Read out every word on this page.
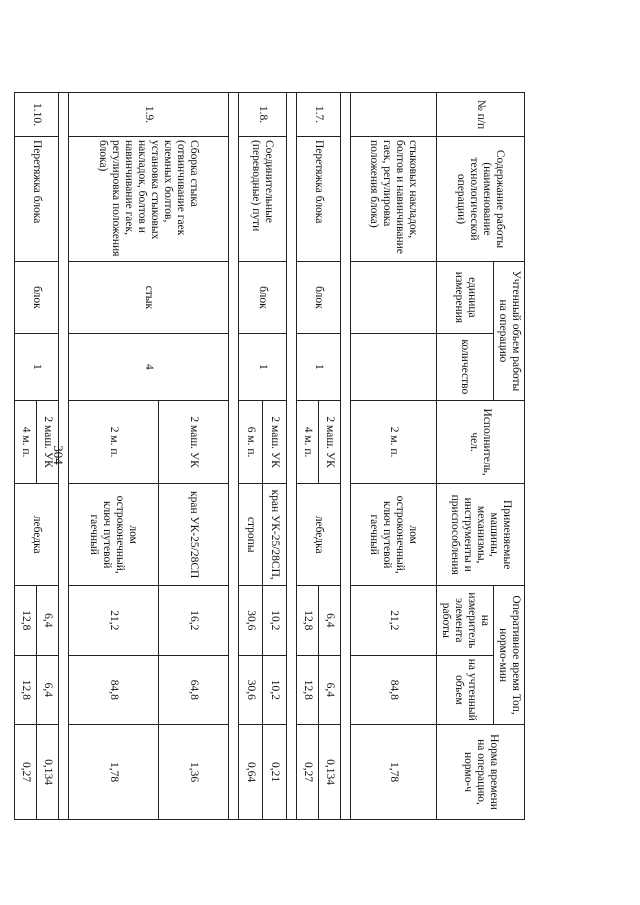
304
№ п/п	Содержание работы (наименование технологической операции)	Учтенный объем работы на операцию		Исполнитель, чел.	Применяемые машины, механизмы, инструменты и приспособления	Оперативное время Топ, нормо-мин		Норма времени на операцию, нормо-ч
		единица измерения	количество			на измеритель элемента работы	на учтенный объем	
	стыковых накладок, болтов и навинчивание гаек, регулировка положения блока)			2 м. п.	лом остроконечный, ключ путевой гаечный	21,2	84,8	1,78

1.7.	Перетяжка блока	блок	1	2 маш. УК	лебедка	6,4	6,4	0,134
				4 м. п.		12,8	12,8	0,27

1.8.	Соединительные (переводные) пути	блок	1	2 маш. УК	кран УК-25/28СП,	10,2	10,2	0,21
				6 м. п.	стропы	30,6	30,6	0,64

1.9.	Сборка стыка (отвинчивание гаек клемных болтов, установка стыковых накладок, болтов и навинчивание гаек, регулировка положения блока)	стык	4	2 маш. УК	кран УК-25/28СП	16,2	64,8	1,36
				2 м. п.	лом остроконечный, ключ путевой гаечный	21,2	84,8	1,78

1.10.	Перетяжка блока	блок	1	2 маш. УК	лебедка	6,4	6,4	0,134
				4 м. п.		12,8	12,8	0,27
